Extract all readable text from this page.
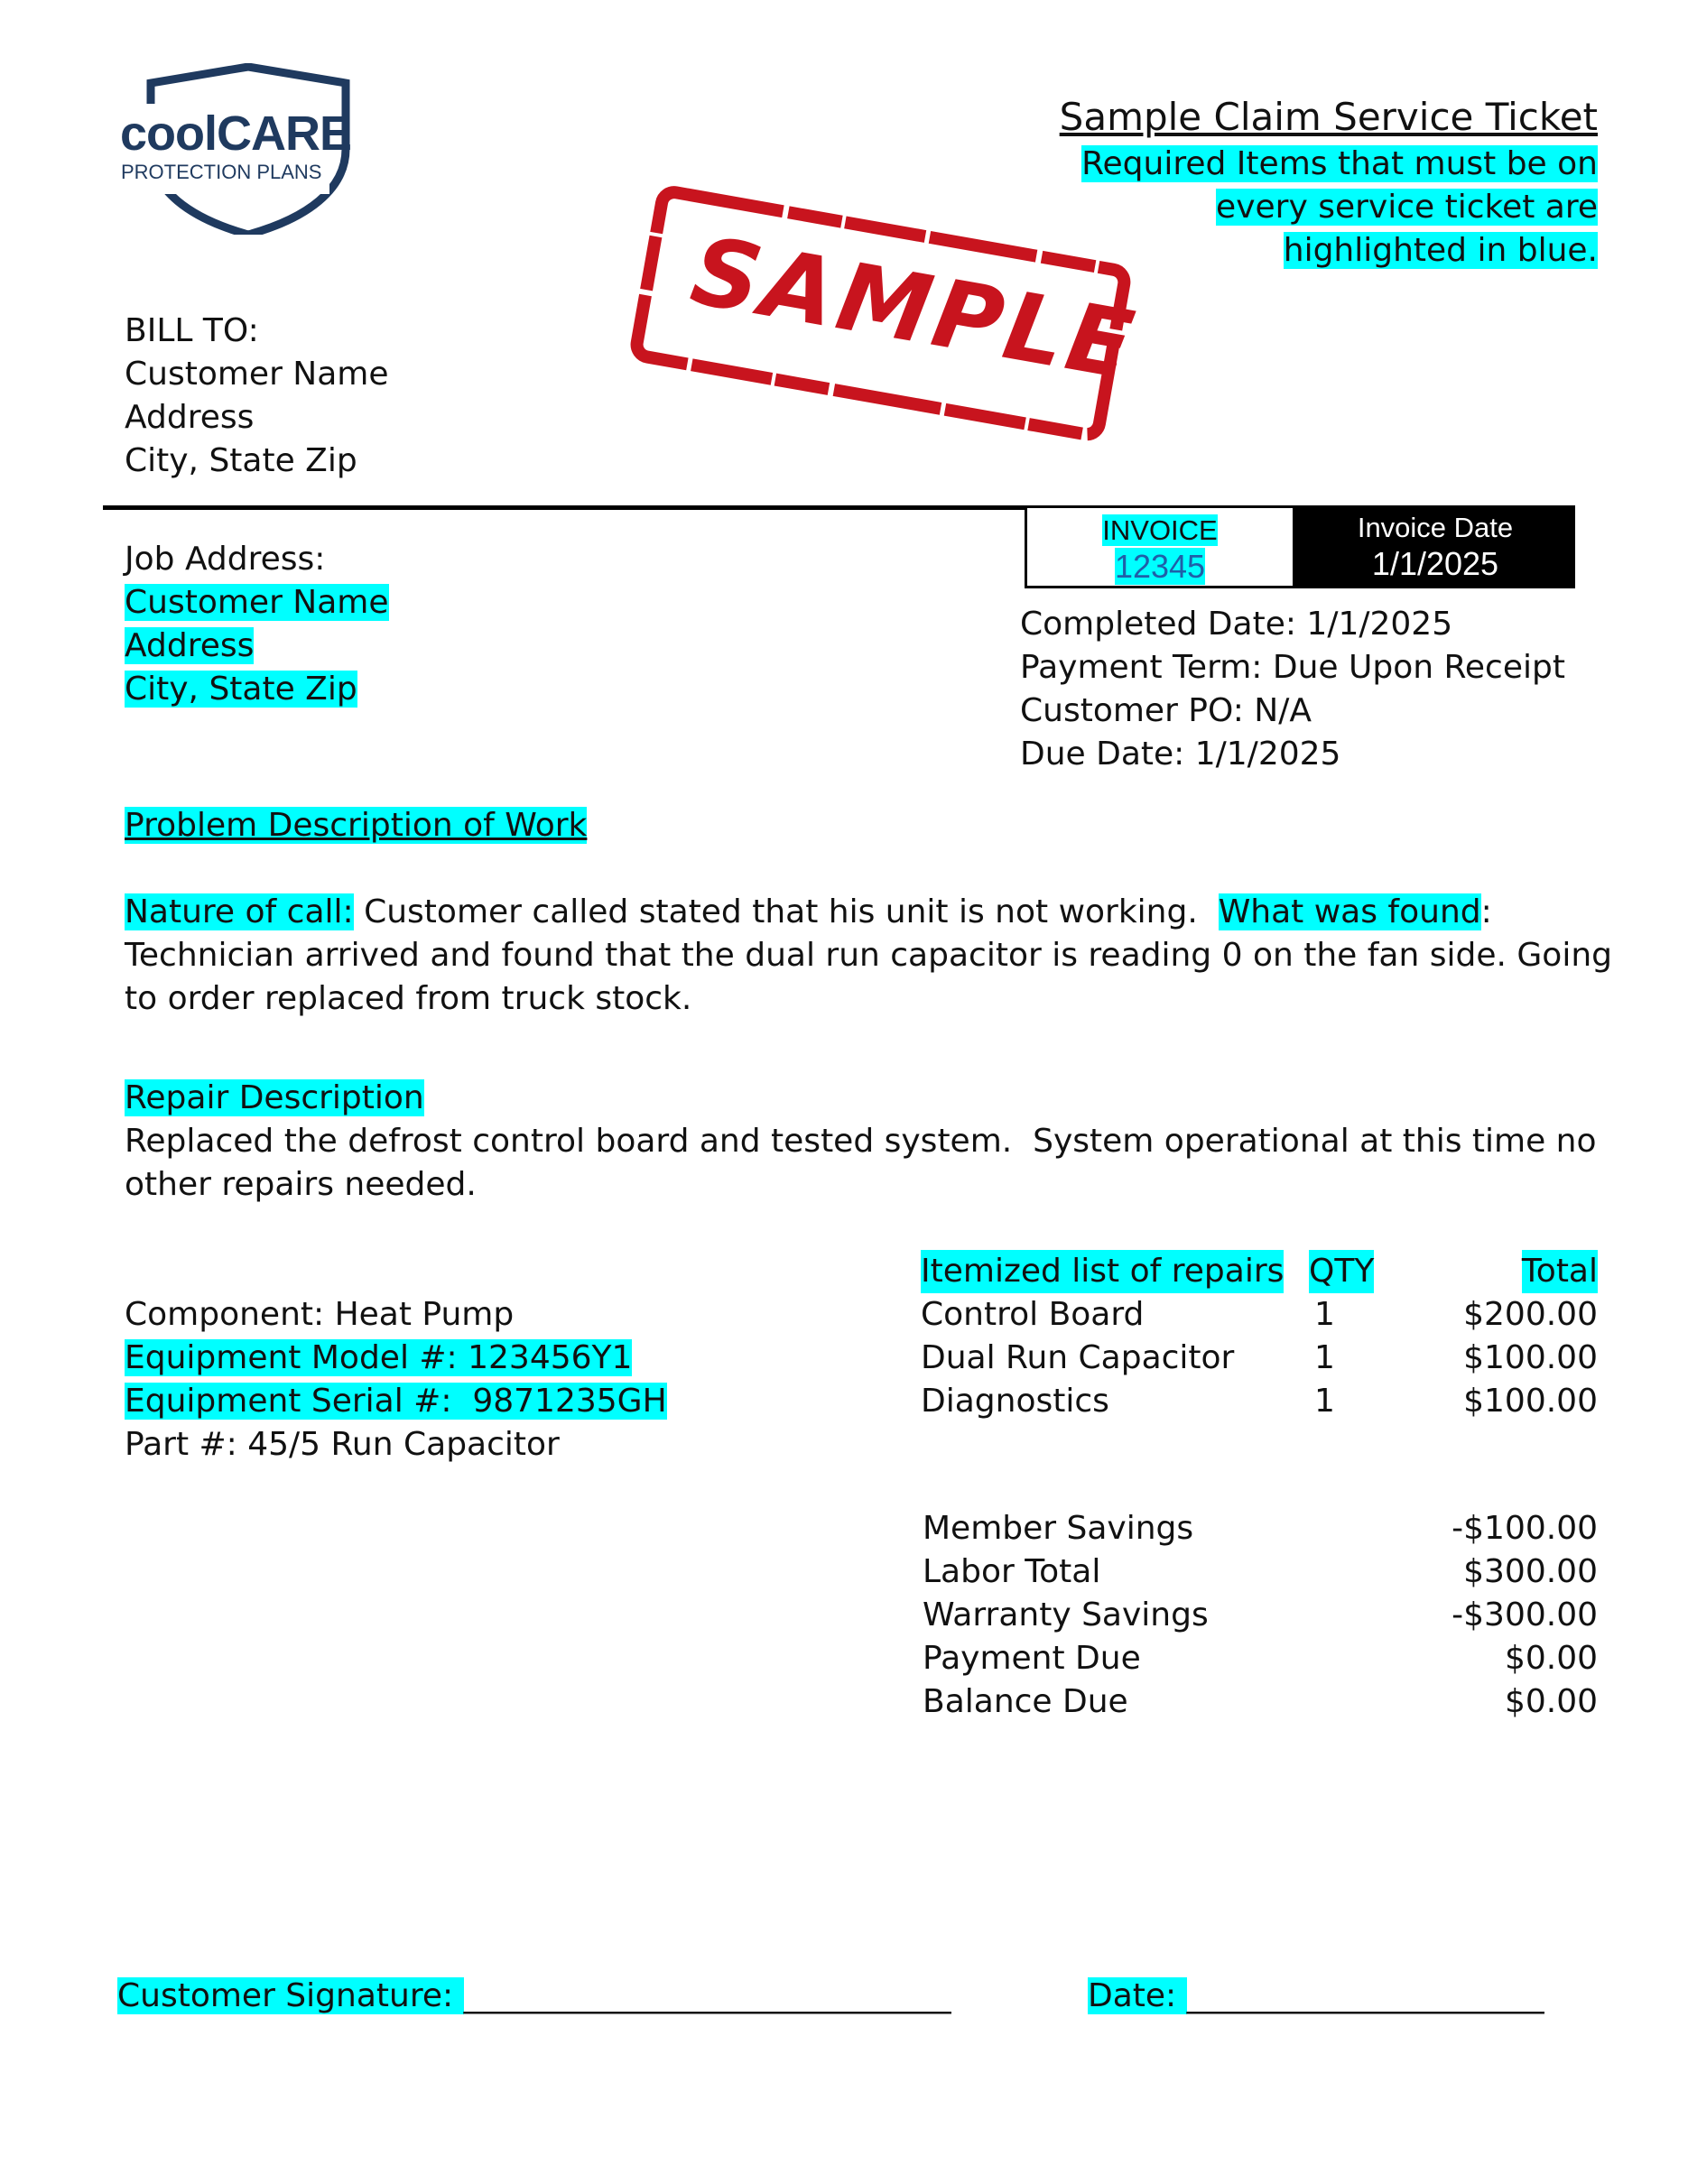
coolCARE
PROTECTION PLANS
SAMPLE
Sample Claim Service Ticket
Required Items that must be on
every service ticket are
highlighted in blue.
BILL TO:
Customer Name
Address
City, State Zip
INVOICE
12345
Invoice Date
1/1/2025
Job Address:
Customer Name
Address
City, State Zip
Completed Date: 1/1/2025
Payment Term: Due Upon Receipt
Customer PO: N/A
Due Date: 1/1/2025
Problem Description of Work
Nature of call: Customer called stated that his unit is not working.  What was found:
Technician arrived and found that the dual run capacitor is reading 0 on the fan side. Going
to order replaced from truck stock.
Repair Description
Replaced the defrost control board and tested system.  System operational at this time no
other repairs needed.
Component: Heat Pump
Equipment Model #: 123456Y1
Equipment Serial #:  9871235GH
Part #: 45/5 Run Capacitor
Itemized list of repairs QTY	Total
Control Board	1	$200.00
Dual Run Capacitor 1	$100.00
Diagnostics	1	$100.00
Member Savings	-$100.00
Labor Total	$300.00
Warranty Savings	-$300.00
Payment Due	$0.00
Balance Due	$0.00
Customer Signature: ______________________________	Date: ______________________
